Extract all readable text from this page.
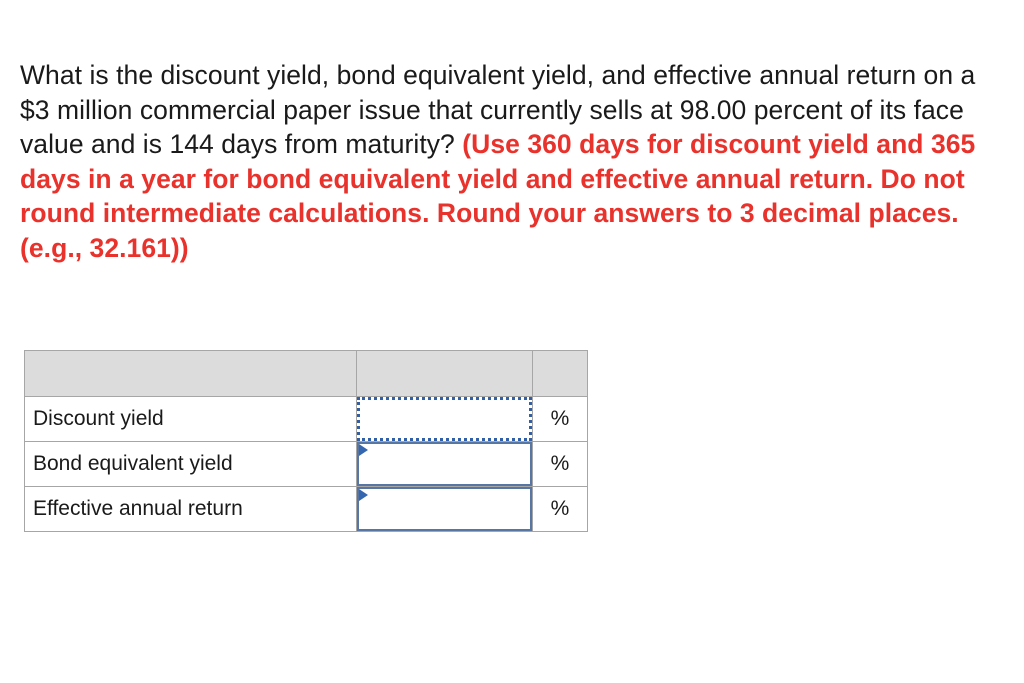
What is the discount yield, bond equivalent yield, and effective annual return on a $3 million commercial paper issue that currently sells at 98.00 percent of its face value and is 144 days from maturity? (Use 360 days for discount yield and 365 days in a year for bond equivalent yield and effective annual return. Do not round intermediate calculations. Round your answers to 3 decimal places. (e.g., 32.161))

Discount yield		%
Bond equivalent yield		%
Effective annual return		%
